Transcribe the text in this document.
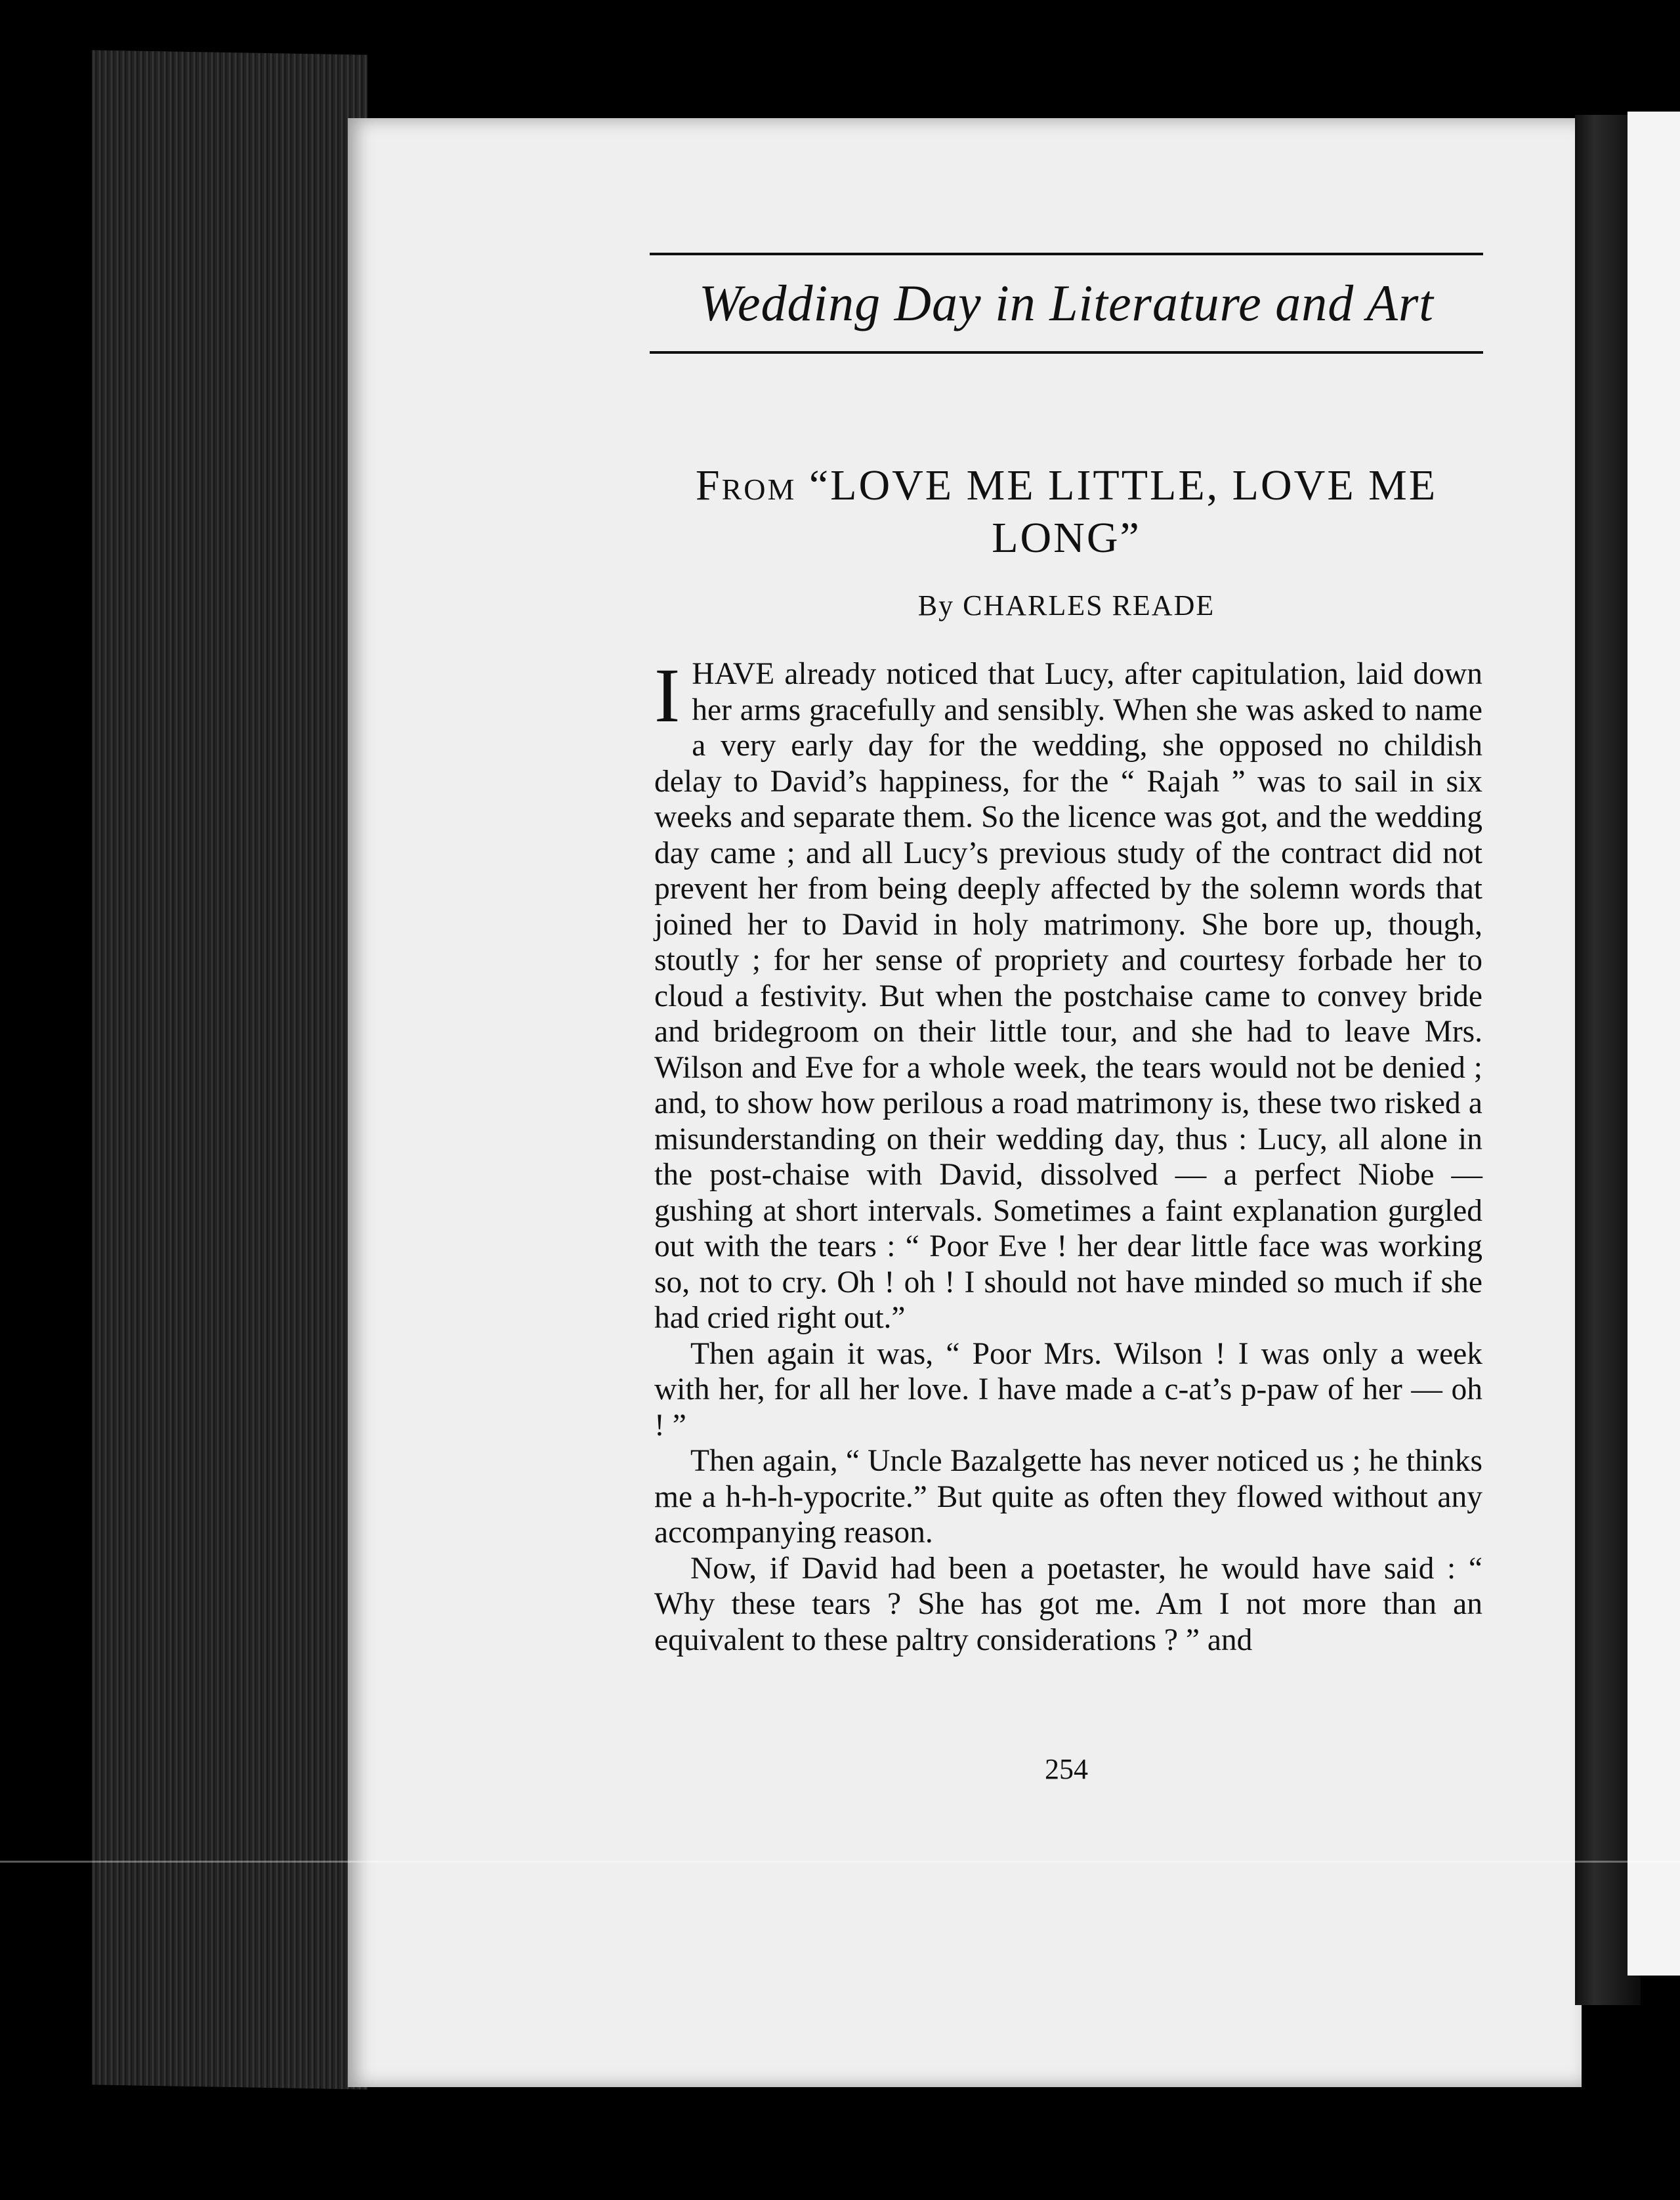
Wedding Day in Literature and Art
From “LOVE ME LITTLE, LOVE ME LONG”
By CHARLES READE

IHAVE already noticed that Lucy, after capitulation, laid down her arms gracefully and sensibly. When she was asked to name a very early day for the wedding, she opposed no childish delay to David’s happiness, for the “ Rajah ” was to sail in six weeks and separate them. So the licence was got, and the wedding day came ; and all Lucy’s previous study of the contract did not prevent her from being deeply affected by the solemn words that joined her to David in holy matrimony. She bore up, though, stoutly ; for her sense of propriety and courtesy forbade her to cloud a festivity. But when the postchaise came to convey bride and bridegroom on their little tour, and she had to leave Mrs. Wilson and Eve for a whole week, the tears would not be denied ; and, to show how perilous a road matrimony is, these two risked a misunderstanding on their wedding day, thus : Lucy, all alone in the post-chaise with David, dissolved — a perfect Niobe — gushing at short intervals. Sometimes a faint explanation gurgled out with the tears : “ Poor Eve ! her dear little face was working so, not to cry. Oh ! oh ! I should not have minded so much if she had cried right out.”

Then again it was, “ Poor Mrs. Wilson ! I was only a week with her, for all her love. I have made a c-at’s p-paw of her — oh ! ”

Then again, “ Uncle Bazalgette has never noticed us ; he thinks me a h-h-h-ypocrite.” But quite as often they flowed without any accompanying reason.

Now, if David had been a poetaster, he would have said : “ Why these tears ? She has got me. Am I not more than an equivalent to these paltry considerations ? ” and

254
